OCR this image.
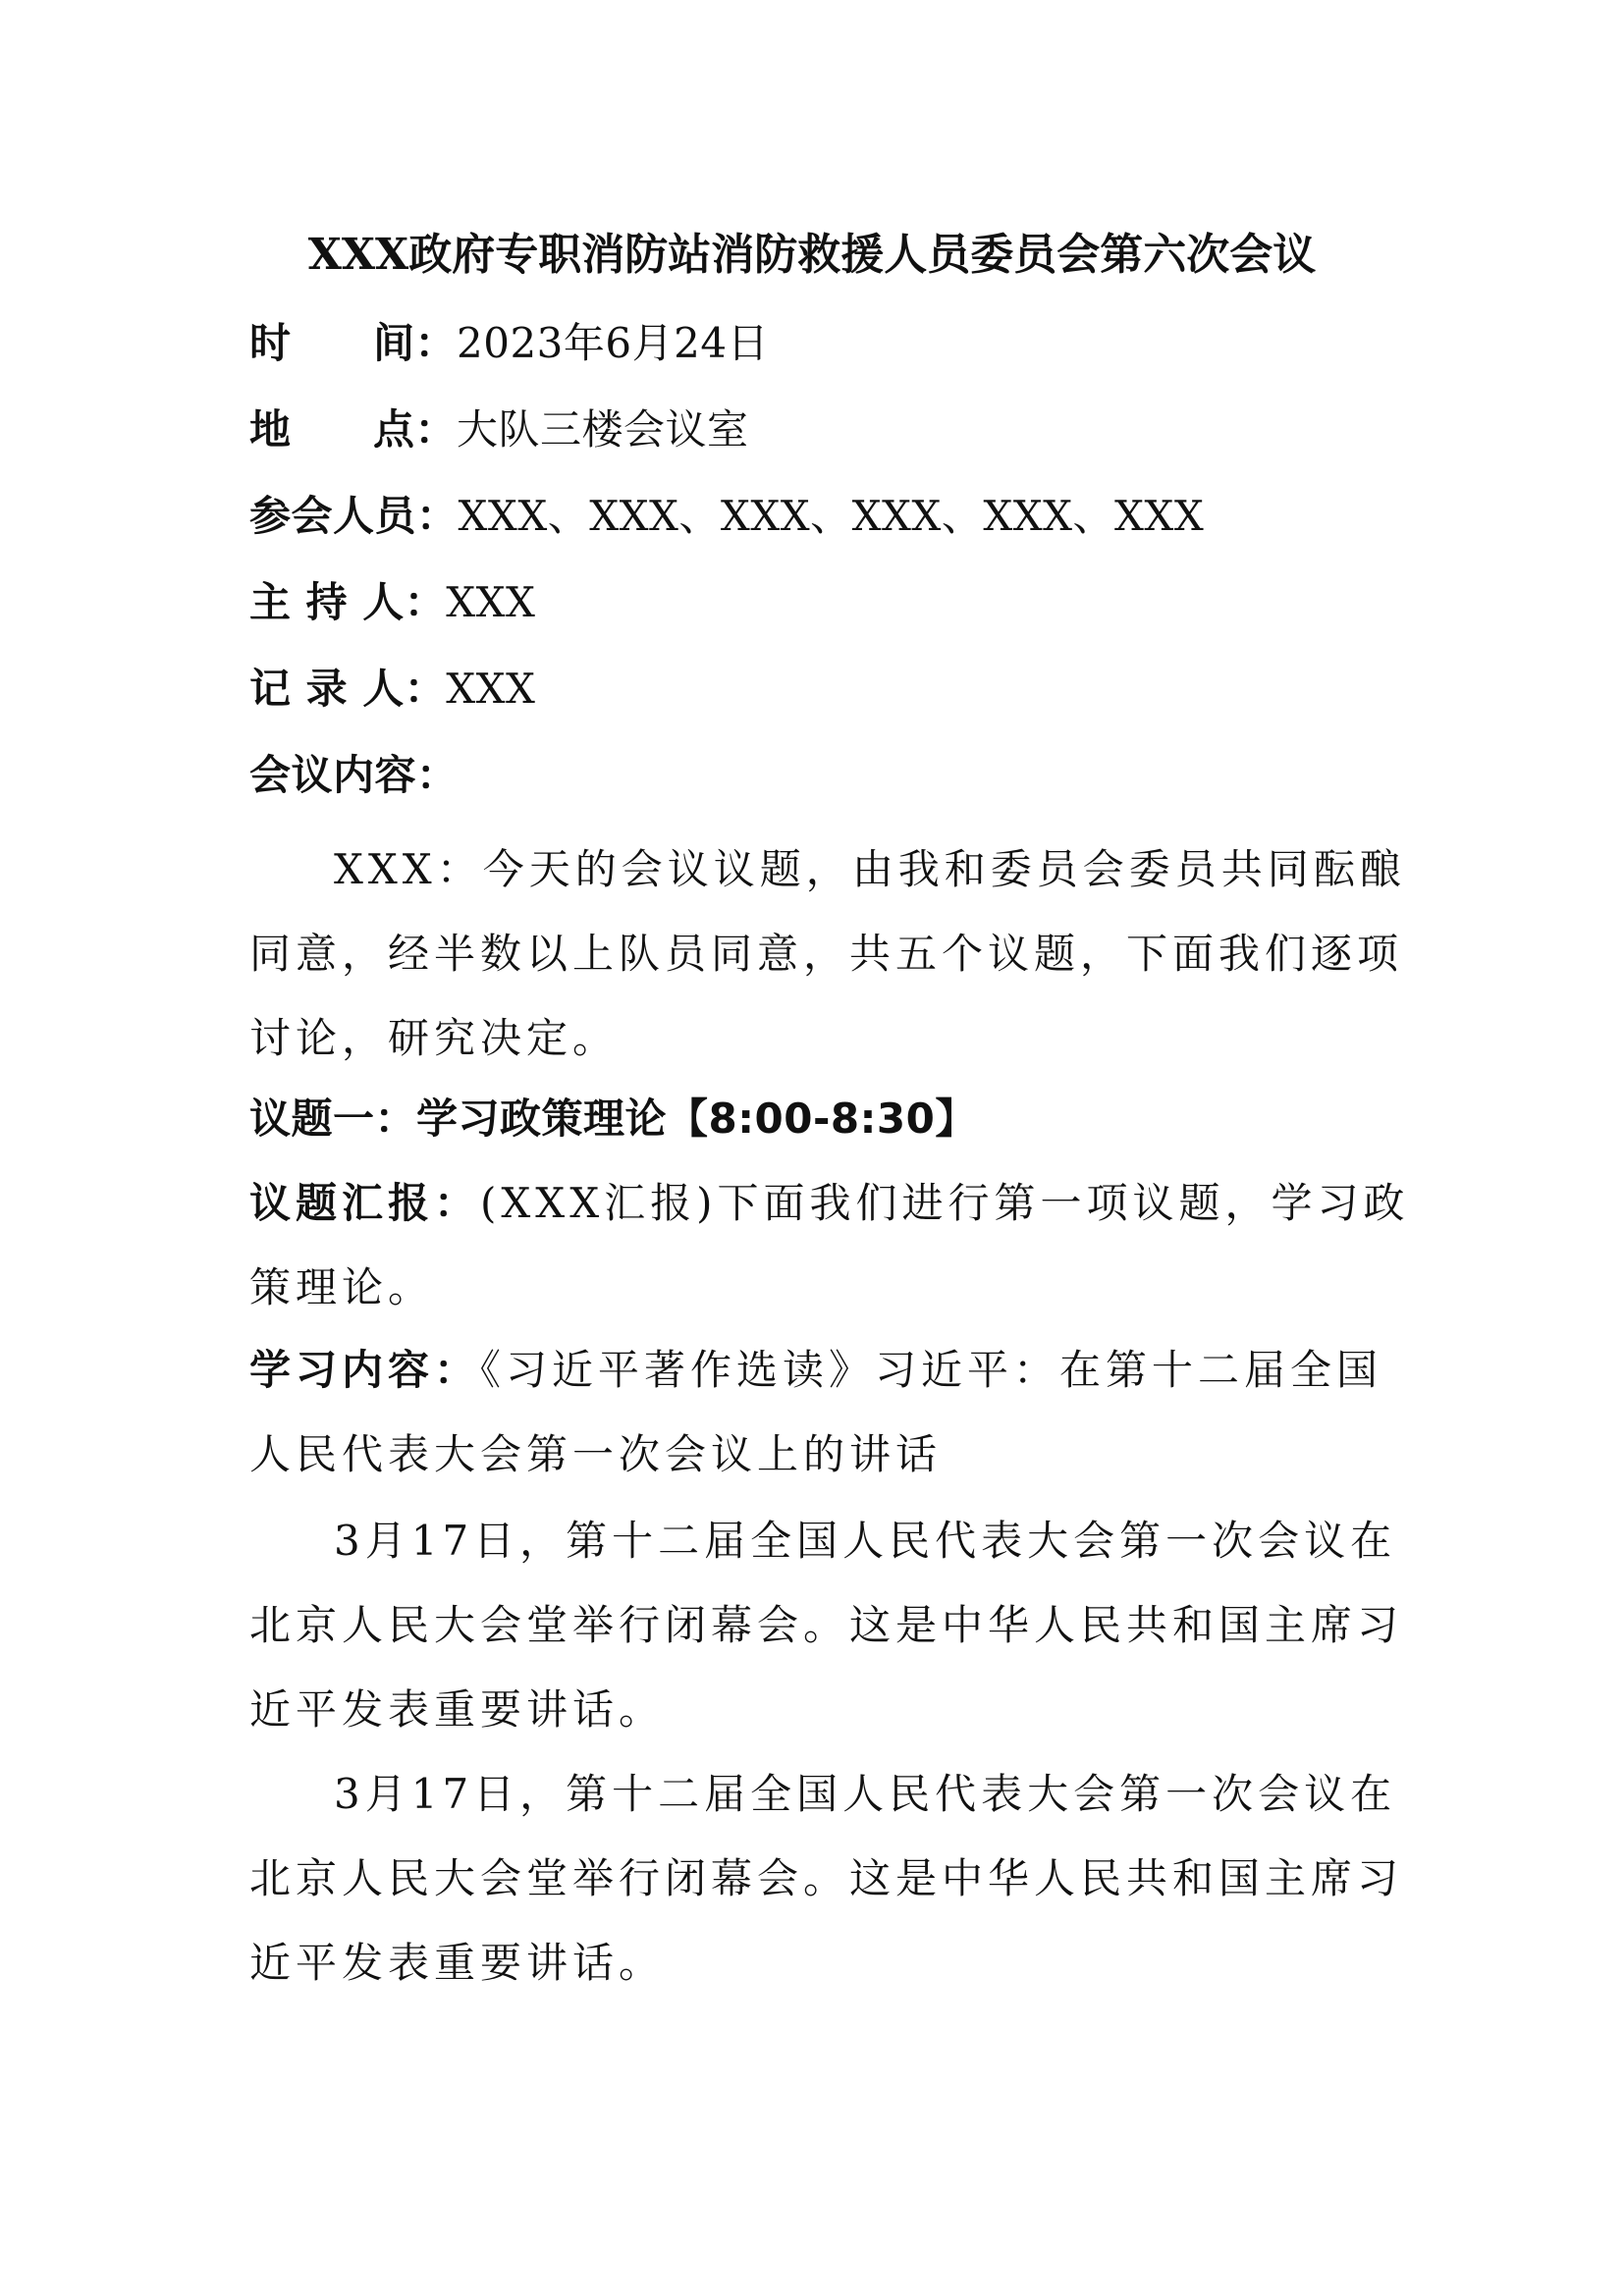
XXX政府专职消防站消防救援人员委员会第六次会议
时 间：2023年6月24日
地 点：大队三楼会议室
参会人员：XXX、XXX、XXX、XXX、XXX、XXX
主 持 人：XXX
记 录 人：XXX
会议内容：
XXX：今天的会议议题，由我和委员会委员共同酝酿
同意，经半数以上队员同意，共五个议题，下面我们逐项
讨论，研究决定。
议题一：学习政策理论【8:00-8:30】
议题汇报：(XXX汇报)下面我们进行第一项议题，学习政
策理论。
学习内容：《习近平著作选读》习近平：在第十二届全国
人民代表大会第一次会议上的讲话
3月17日，第十二届全国人民代表大会第一次会议在
北京人民大会堂举行闭幕会。这是中华人民共和国主席习
近平发表重要讲话。
3月17日，第十二届全国人民代表大会第一次会议在
北京人民大会堂举行闭幕会。这是中华人民共和国主席习
近平发表重要讲话。
